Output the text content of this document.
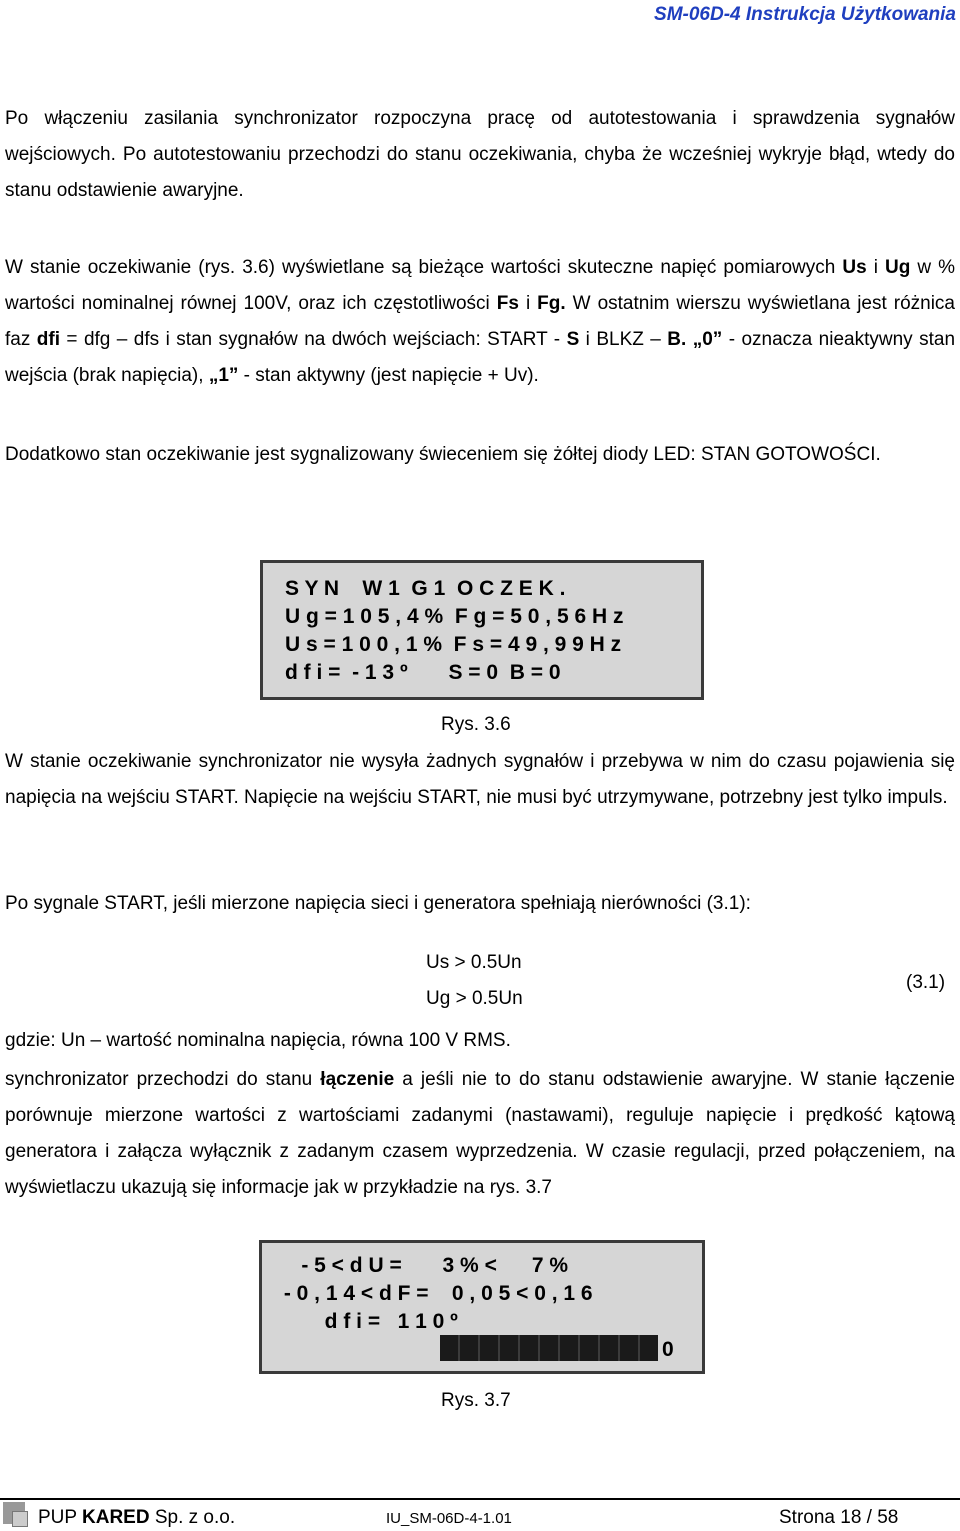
SM-06D-4 Instrukcja Użytkowania

Po włączeniu zasilania synchronizator rozpoczyna pracę od autotestowania i sprawdzenia sygnałów wejściowych. Po autotestowaniu przechodzi do stanu oczekiwania, chyba że wcześniej wykryje błąd, wtedy do stanu odstawienie awaryjne.

W stanie oczekiwanie (rys. 3.6) wyświetlane są bieżące wartości skuteczne napięć pomiarowych Us i Ug w % wartości nominalnej równej 100V, oraz ich częstotliwości Fs i Fg. W ostatnim wierszu wyświetlana jest różnica faz dfi = dfg – dfs i stan sygnałów na dwóch wejściach: START - S i BLKZ – B. „0” - oznacza nieaktywny stan wejścia (brak napięcia), „1” - stan aktywny (jest napięcie + Uv).

Dodatkowo stan oczekiwanie jest sygnalizowany świeceniem się żółtej diody LED: STAN GOTOWOŚCI.

S Y N    W 1  G 1  O C Z E K .
U g = 1 0 5 , 4 %  F g = 5 0 , 5 6 H z
U s = 1 0 0 , 1 %  F s = 4 9 , 9 9 H z
d f i =  - 1 3 º       S = 0  B = 0
Rys. 3.6

W stanie oczekiwanie synchronizator nie wysyła żadnych sygnałów i przebywa w nim do czasu pojawienia się napięcia na wejściu START. Napięcie na wejściu START, nie musi być utrzymywane, potrzebny jest tylko impuls.

Po sygnale START, jeśli mierzone napięcia sieci i generatora spełniają nierówności (3.1):

Us > 0.5Un
Ug > 0.5Un
(3.1)

gdzie: Un – wartość nominalna napięcia, równa 100 V RMS.

synchronizator przechodzi do stanu łączenie a jeśli nie to do stanu odstawienie awaryjne. W stanie łączenie porównuje mierzone wartości z wartościami zadanymi (nastawami), reguluje napięcie i prędkość kątową generatora i załącza wyłącznik z zadanym czasem wyprzedzenia. W czasie regulacji, przed połączeniem, na wyświetlaczu ukazują się informacje jak w przykładzie na rys. 3.7

- 5 < d U =       3 % <      7 %
- 0 , 1 4 < d F =    0 , 0 5 < 0 , 1 6
d f i =   1 1 0 º
0
Rys. 3.7
PUP KARED Sp. z o.o.	IU_SM-06D-4-1.01	Strona 18 / 58
